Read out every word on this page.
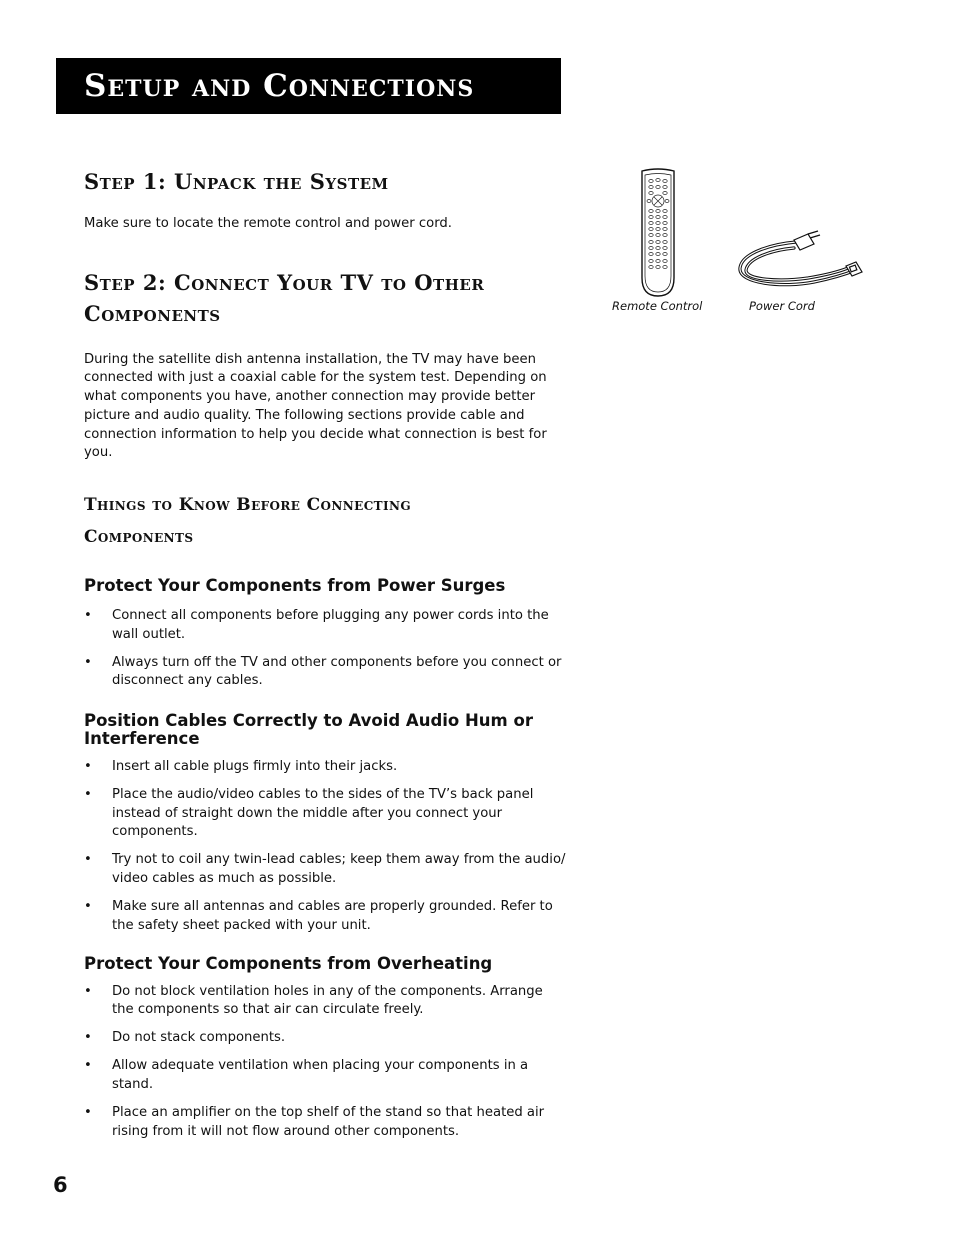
Setup and Connections
Step 1: Unpack the System

Make sure to locate the remote control and power cord.

Step 2: Connect Your TV to Other
Components

During the satellite dish antenna installation, the TV may have been connected with just a coaxial cable for the system test. Depending on what components you have, another connection may provide better picture and audio quality. The following sections provide cable and connection information to help you decide what connection is best for you.

Things to Know Before Connecting
Components
Protect Your Components from Power Surges
• Connect all components before plugging any power cords into the wall outlet.
• Always turn off the TV and other components before you connect or disconnect any cables.
Position Cables Correctly to Avoid Audio Hum or Interference
• Insert all cable plugs firmly into their jacks.
• Place the audio/video cables to the sides of the TV’s back panel instead of straight down the middle after you connect your components.
• Try not to coil any twin-lead cables; keep them away from the audio/ video cables as much as possible.
• Make sure all antennas and cables are properly grounded. Refer to the safety sheet packed with your unit.
Protect Your Components from Overheating
• Do not block ventilation holes in any of the components. Arrange the components so that air can circulate freely.
• Do not stack components.
• Allow adequate ventilation when placing your components in a stand.
• Place an amplifier on the top shelf of the stand so that heated air rising from it will not flow around other components.
Remote Control	Power Cord
6
